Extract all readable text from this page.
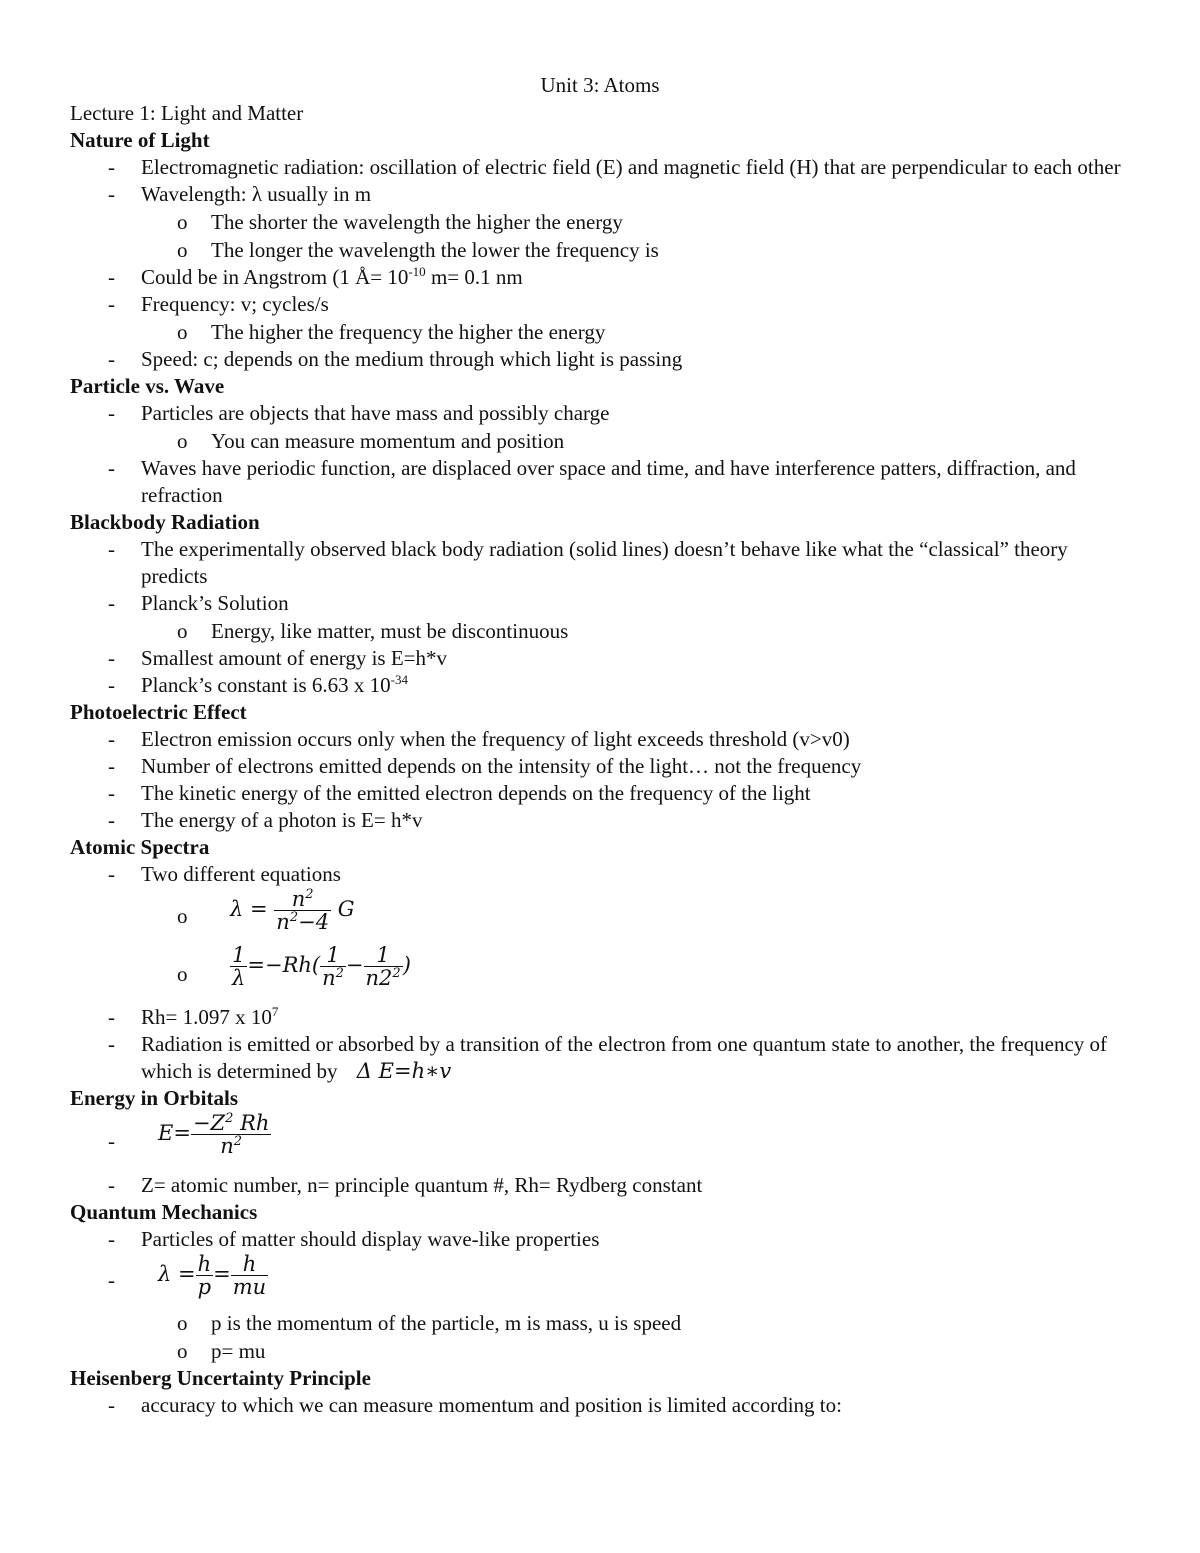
Unit 3: Atoms
Lecture 1: Light and Matter
Nature of Light
- Electromagnetic radiation: oscillation of electric field (E) and magnetic field (H) that are perpendicular to each other
- Wavelength: λ usually in m
o The shorter the wavelength the higher the energy
o The longer the wavelength the lower the frequency is
- Could be in Angstrom (1 Å= $10^{-10}$ m= 0.1 nm
- Frequency: v; cycles/s
o The higher the frequency the higher the energy
- Speed: c; depends on the medium through which light is passing
Particle vs. Wave
- Particles are objects that have mass and possibly charge
o You can measure momentum and position
- Waves have periodic function, are displaced over space and time, and have interference patters, diffraction, and refraction
Blackbody Radiation
- The experimentally observed black body radiation (solid lines) doesn’t behave like what the “classical” theory predicts
- Planck’s Solution
o Energy, like matter, must be discontinuous
- Smallest amount of energy is E=h*v
- Planck’s constant is 6.63 x $10^{-34}$
Photoelectric Effect
- Electron emission occurs only when the frequency of light exceeds threshold (v>v0)
- Number of electrons emitted depends on the intensity of the light… not the frequency
- The kinetic energy of the emitted electron depends on the frequency of the light
- The energy of a photon is E= h*v
Atomic Spectra
- Two different equations
o $\lambda = \frac{n^2}{n^2-4}$ G
o $\frac{1}{\lambda} =-Rh( \frac{1}{n^2} - \frac{1}{n2^2}$ )
- Rh= 1.097 x $10^7$
- Radiation is emitted or absorbed by a transition of the electron from one quantum state to another, the frequency of which is determined by Δ E=h∗v
Energy in Orbitals
- $E= \frac{-Z^2 Rh}{n^2}$
- Z= atomic number, n= principle quantum #, Rh= Rydberg constant
Quantum Mechanics
- Particles of matter should display wave-like properties
- $\lambda = \frac{h}{p} = \frac{h}{mu}$
o p is the momentum of the particle, m is mass, u is speed
o p= mu
Heisenberg Uncertainty Principle
- accuracy to which we can measure momentum and position is limited according to:
